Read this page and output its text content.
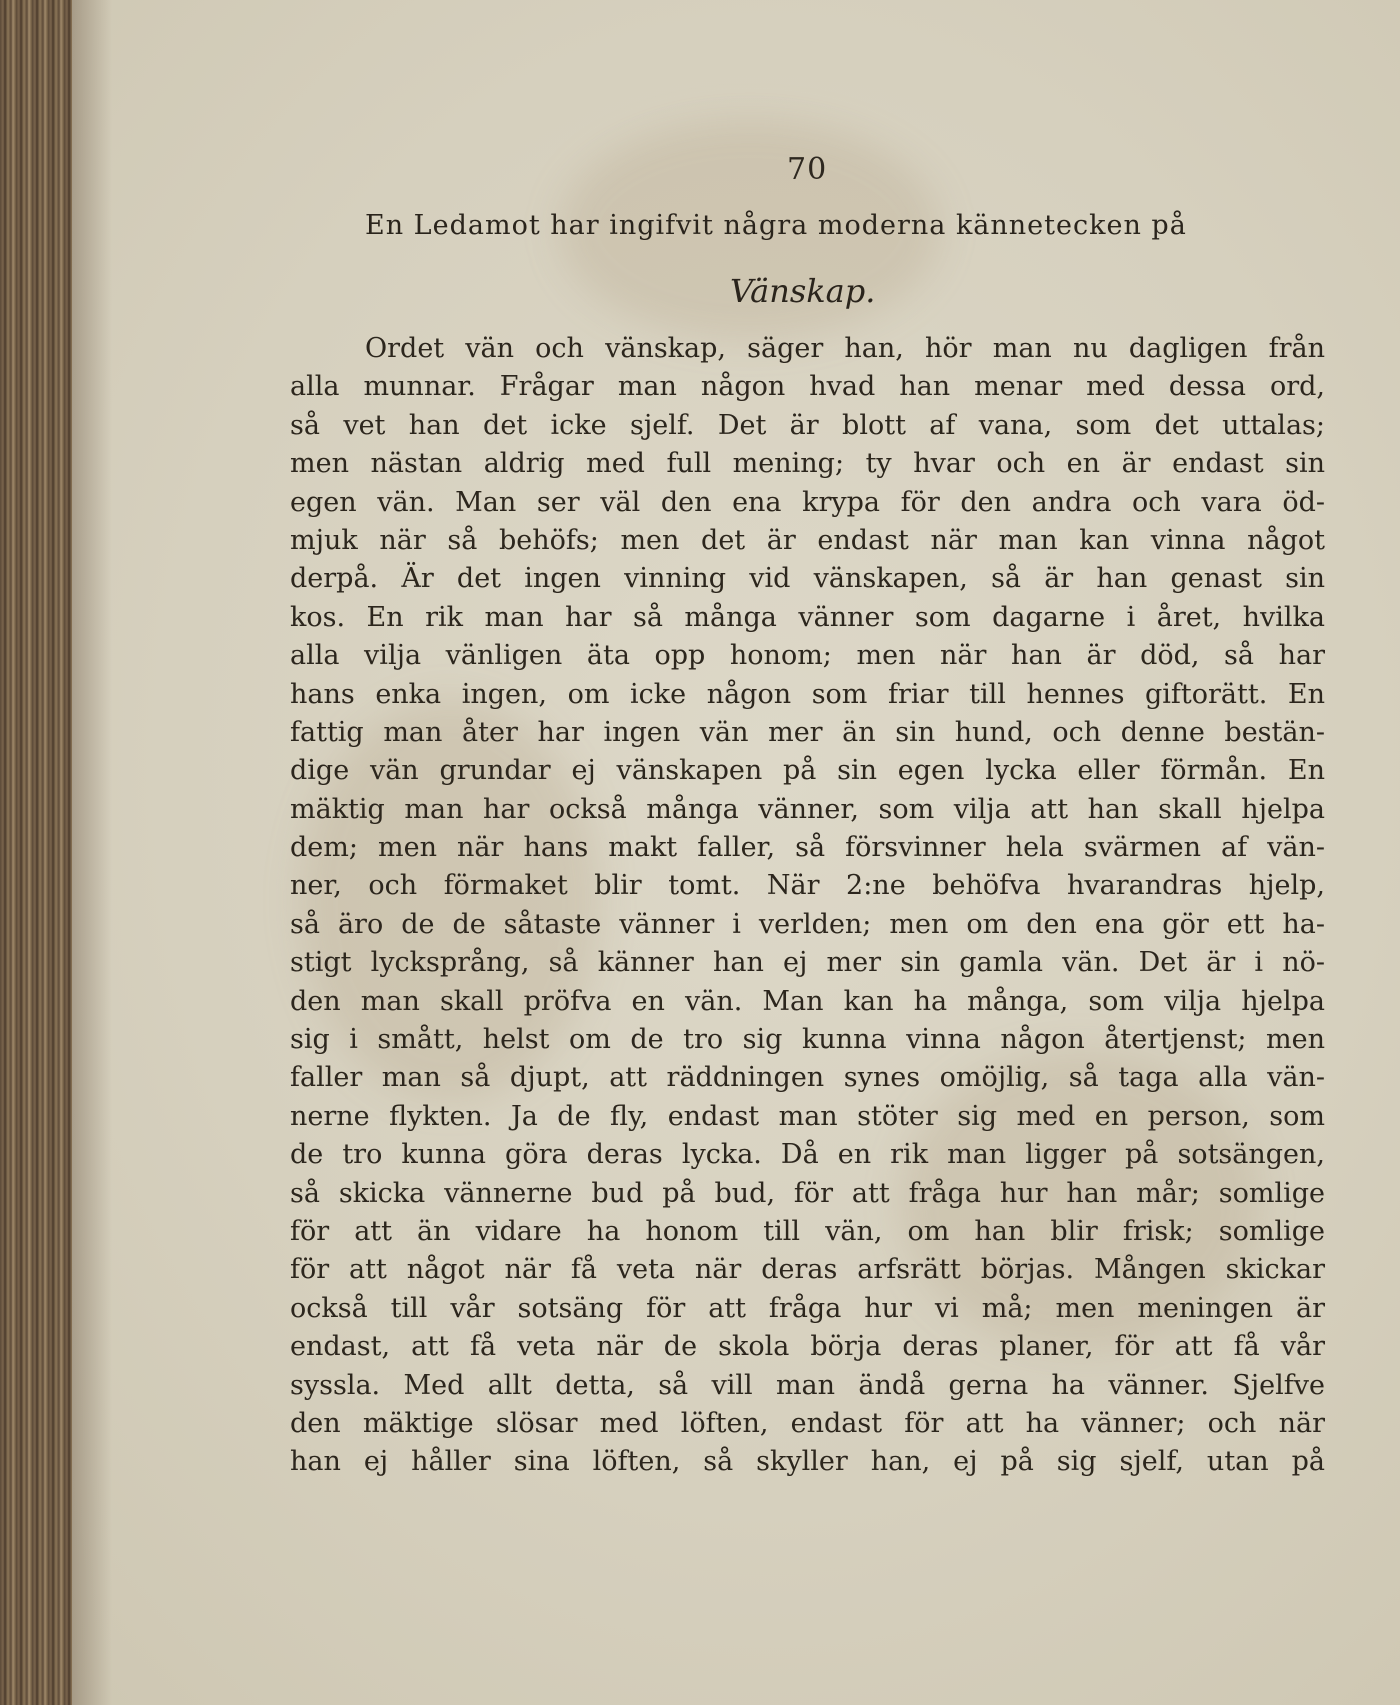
70
En Ledamot har ingifvit några moderna kännetecken på
Vänskap.
Ordet vän och vänskap, säger han, hör man nu dagligen från
alla munnar. Frågar man någon hvad han menar med dessa ord,
så vet han det icke sjelf. Det är blott af vana, som det uttalas;
men nästan aldrig med full mening; ty hvar och en är endast sin
egen vän. Man ser väl den ena krypa för den andra och vara öd-
mjuk när så behöfs; men det är endast när man kan vinna något
derpå. Är det ingen vinning vid vänskapen, så är han genast sin
kos. En rik man har så många vänner som dagarne i året, hvilka
alla vilja vänligen äta opp honom; men när han är död, så har
hans enka ingen, om icke någon som friar till hennes giftorätt. En
fattig man åter har ingen vän mer än sin hund, och denne bestän-
dige vän grundar ej vänskapen på sin egen lycka eller förmån. En
mäktig man har också många vänner, som vilja att han skall hjelpa
dem; men när hans makt faller, så försvinner hela svärmen af vän-
ner, och förmaket blir tomt. När 2:ne behöfva hvarandras hjelp,
så äro de de såtaste vänner i verlden; men om den ena gör ett ha-
stigt lycksprång, så känner han ej mer sin gamla vän. Det är i nö-
den man skall pröfva en vän. Man kan ha många, som vilja hjelpa
sig i smått, helst om de tro sig kunna vinna någon återtjenst; men
faller man så djupt, att räddningen synes omöjlig, så taga alla vän-
nerne flykten. Ja de fly, endast man stöter sig med en person, som
de tro kunna göra deras lycka. Då en rik man ligger på sotsängen,
så skicka vännerne bud på bud, för att fråga hur han mår; somlige
för att än vidare ha honom till vän, om han blir frisk; somlige
för att något när få veta när deras arfsrätt börjas. Mången skickar
också till vår sotsäng för att fråga hur vi må; men meningen är
endast, att få veta när de skola börja deras planer, för att få vår
syssla. Med allt detta, så vill man ändå gerna ha vänner. Sjelfve
den mäktige slösar med löften, endast för att ha vänner; och när
han ej håller sina löften, så skyller han, ej på sig sjelf, utan på
